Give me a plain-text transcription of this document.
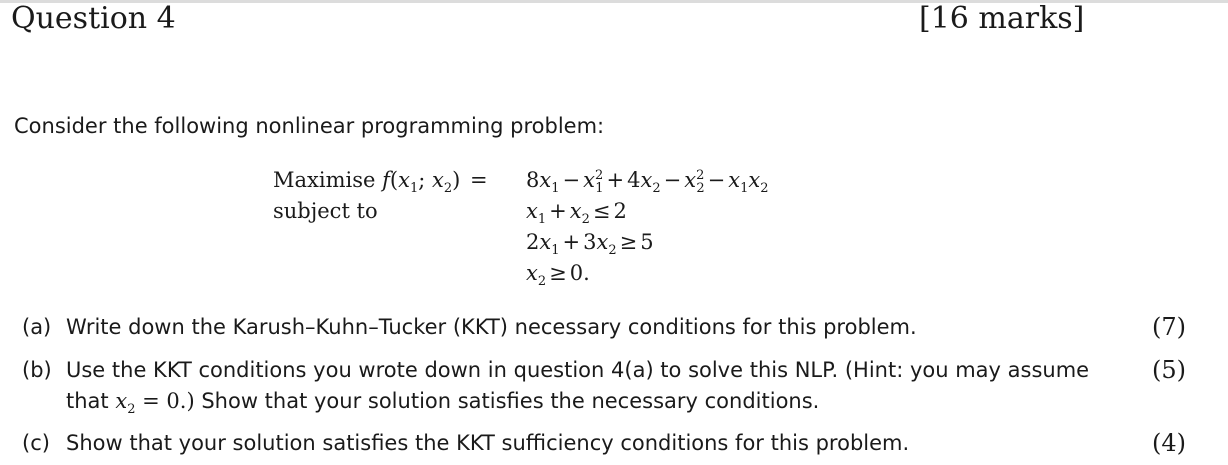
Question 4	[16 marks]
Consider the following nonlinear programming problem:
Maximise $f(x_1$; $x_2$) =
subject to
$8x_1 - x^2_1 + 4x_2 - x^2_2 - x_1x_2$
$x_1 + x_2 \le 2$
$2x_1 + 3x_2 \ge 5$
$x_2 \ge 0$.
(a) Write down the Karush–Kuhn–Tucker (KKT) necessary conditions for this problem.	(7)
(b) Use the KKT conditions you wrote down in question 4(a) to solve this NLP. (Hint: you may assume
that $x_2 = 0$.) Show that your solution satisfies the necessary conditions.
(5)
(c) Show that your solution satisfies the KKT sufficiency conditions for this problem.	(4)
